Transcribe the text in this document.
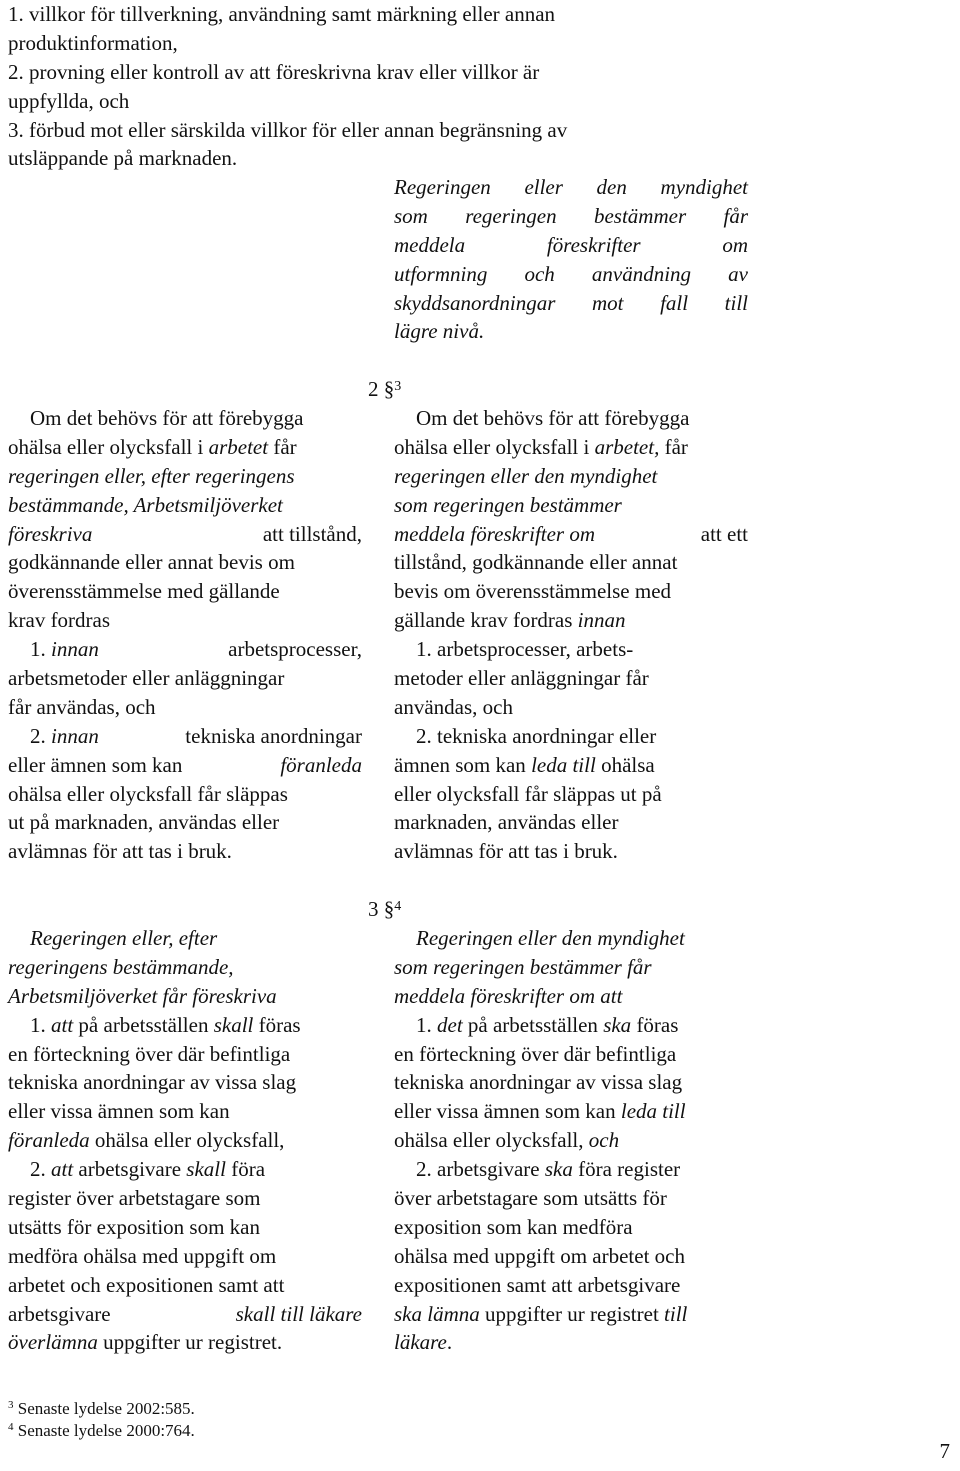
1. villkor för tillverkning, användning samt märkning eller annan
produktinformation,
2. provning eller kontroll av att föreskrivna krav eller villkor är
uppfyllda, och
3. förbud mot eller särskilda villkor för eller annan begränsning av
utsläppande på marknaden.
Regeringen eller den myndighet
som regeringen bestämmer får
meddela föreskrifter om
utformning och användning av
skyddsanordningar mot fall till
lägre nivå.
2 §$^3$
Om det behövs för att förebygga
ohälsa eller olycksfall i arbetet får
regeringen eller, efter regeringens
bestämmande, Arbetsmiljöverket
föreskriva	att tillstånd,
godkännande eller annat bevis om
överensstämmelse med gällande
krav fordras
1. innan	arbetsprocesser,
arbetsmetoder eller anläggningar
får användas, och
2. innan	tekniska anordningar
eller ämnen som kan	föranleda
ohälsa eller olycksfall får släppas
ut på marknaden, användas eller
avlämnas för att tas i bruk.
Om det behövs för att förebygga
ohälsa eller olycksfall i arbetet, får
regeringen eller den myndighet
som regeringen bestämmer
meddela föreskrifter om	att ett
tillstånd, godkännande eller annat
bevis om överensstämmelse med
gällande krav fordras innan
1. arbetsprocesser, arbets-
metoder eller anläggningar får
användas, och
2. tekniska anordningar eller
ämnen som kan leda till ohälsa
eller olycksfall får släppas ut på
marknaden, användas eller
avlämnas för att tas i bruk.
3 §$^4$
Regeringen eller, efter
regeringens bestämmande,
Arbetsmiljöverket får föreskriva
1. att på arbetsställen skall föras
en förteckning över där befintliga
tekniska anordningar av vissa slag
eller vissa ämnen som kan
föranleda ohälsa eller olycksfall,
2. att arbetsgivare skall föra
register över arbetstagare som
utsätts för exposition som kan
medföra ohälsa med uppgift om
arbetet och expositionen samt att
arbetsgivare	skall till läkare
överlämna uppgifter ur registret.
Regeringen eller den myndighet
som regeringen bestämmer får
meddela föreskrifter om att
1. det på arbetsställen ska föras
en förteckning över där befintliga
tekniska anordningar av vissa slag
eller vissa ämnen som kan leda till
ohälsa eller olycksfall, och
2. arbetsgivare ska föra register
över arbetstagare som utsätts för
exposition som kan medföra
ohälsa med uppgift om arbetet och
expositionen samt att arbetsgivare
ska lämna uppgifter ur registret till
läkare.
$^3$ Senaste lydelse 2002:585.
$^4$ Senaste lydelse 2000:764.
7
